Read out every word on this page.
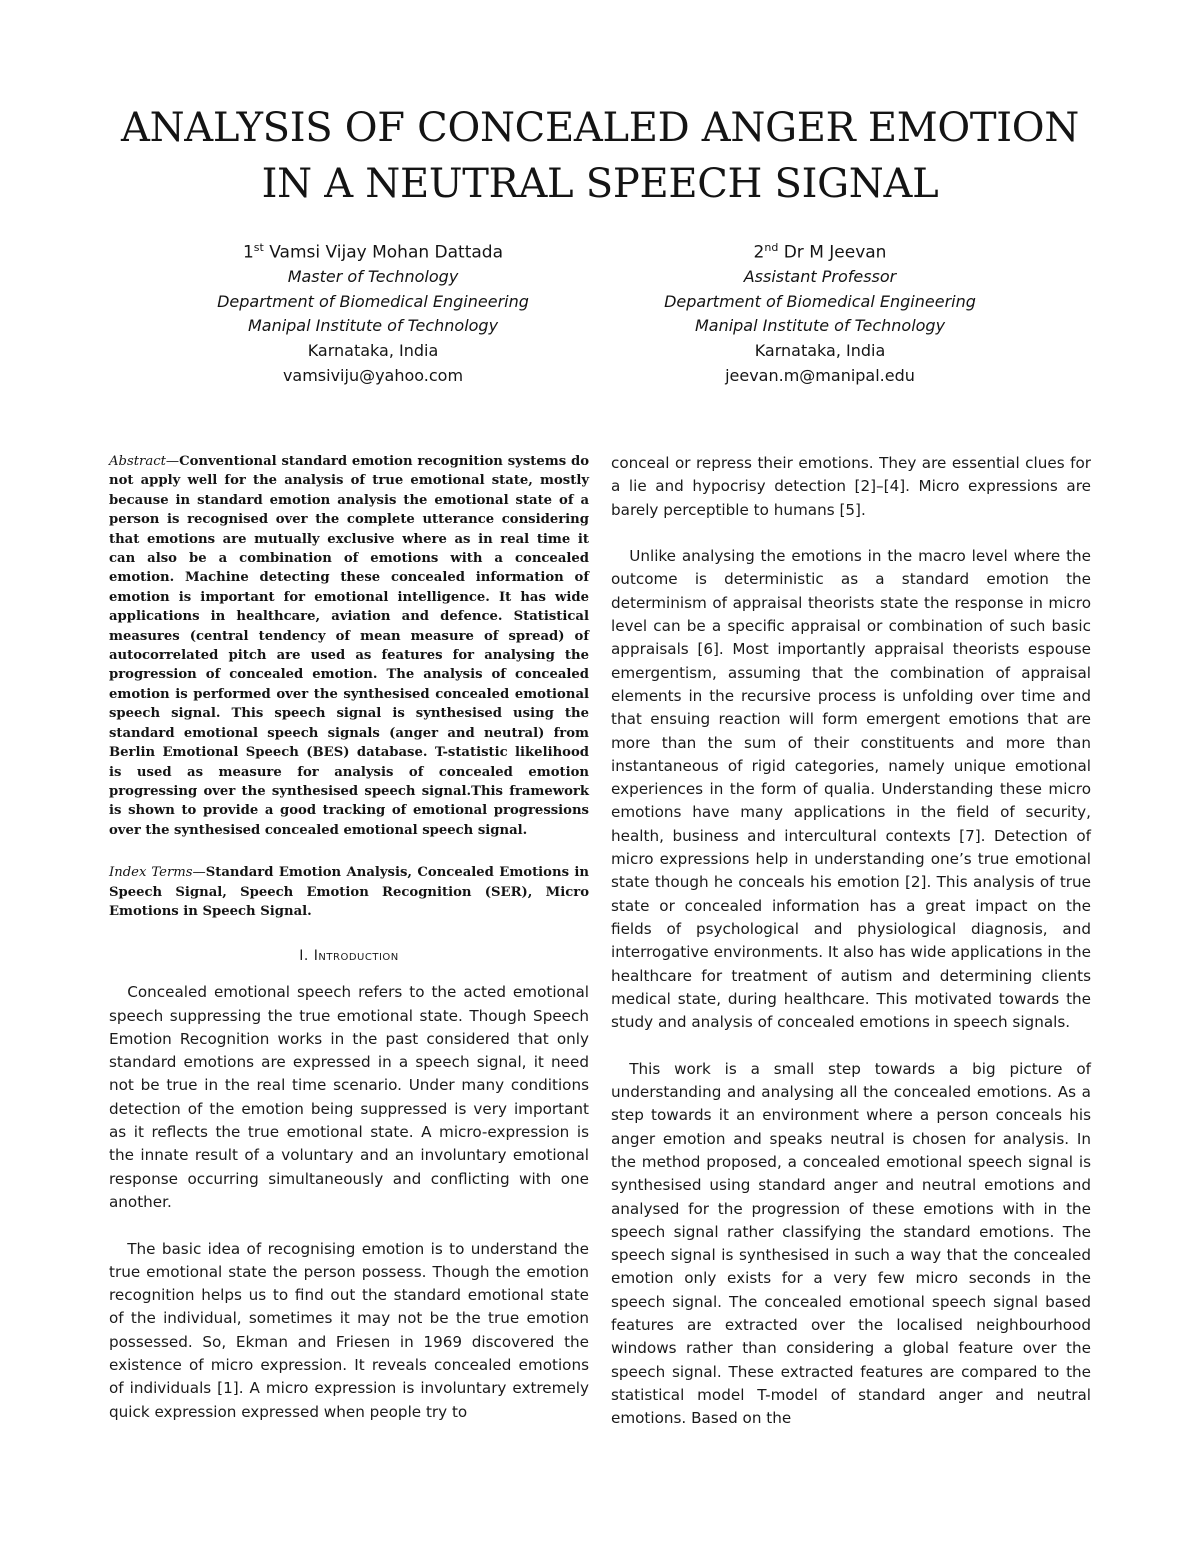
ANALYSIS OF CONCEALED ANGER EMOTION
IN A NEUTRAL SPEECH SIGNAL
1st Vamsi Vijay Mohan Dattada
Master of Technology
Department of Biomedical Engineering
Manipal Institute of Technology
Karnataka, India
vamsiviju@yahoo.com
2nd Dr M Jeevan
Assistant Professor
Department of Biomedical Engineering
Manipal Institute of Technology
Karnataka, India
jeevan.m@manipal.edu

Abstract—Conventional standard emotion recognition systems do not apply well for the analysis of true emotional state, mostly because in standard emotion analysis the emotional state of a person is recognised over the complete utterance considering that emotions are mutually exclusive where as in real time it can also be a combination of emotions with a concealed emotion. Machine detecting these concealed information of emotion is important for emotional intelligence. It has wide applications in healthcare, aviation and defence. Statistical measures (central tendency of mean measure of spread) of autocorrelated pitch are used as features for analysing the progression of concealed emotion. The analysis of concealed emotion is performed over the synthesised concealed emotional speech signal. This speech signal is synthesised using the standard emotional speech signals (anger and neutral) from Berlin Emotional Speech (BES) database. T-statistic likelihood is used as measure for analysis of concealed emotion progressing over the synthesised speech signal.This framework is shown to provide a good tracking of emotional progressions over the synthesised concealed emotional speech signal.

Index Terms—Standard Emotion Analysis, Concealed Emotions in Speech Signal, Speech Emotion Recognition (SER), Micro Emotions in Speech Signal.

I. Introduction

Concealed emotional speech refers to the acted emotional speech suppressing the true emotional state. Though Speech Emotion Recognition works in the past considered that only standard emotions are expressed in a speech signal, it need not be true in the real time scenario. Under many conditions detection of the emotion being suppressed is very important as it reflects the true emotional state. A micro-expression is the innate result of a voluntary and an involuntary emotional response occurring simultaneously and conflicting with one another.

The basic idea of recognising emotion is to understand the true emotional state the person possess. Though the emotion recognition helps us to find out the standard emotional state of the individual, sometimes it may not be the true emotion possessed. So, Ekman and Friesen in 1969 discovered the existence of micro expression. It reveals concealed emotions of individuals [1]. A micro expression is involuntary extremely quick expression expressed when people try to

conceal or repress their emotions. They are essential clues for a lie and hypocrisy detection [2]–[4]. Micro expressions are barely perceptible to humans [5].

Unlike analysing the emotions in the macro level where the outcome is deterministic as a standard emotion the determinism of appraisal theorists state the response in micro level can be a specific appraisal or combination of such basic appraisals [6]. Most importantly appraisal theorists espouse emergentism, assuming that the combination of appraisal elements in the recursive process is unfolding over time and that ensuing reaction will form emergent emotions that are more than the sum of their constituents and more than instantaneous of rigid categories, namely unique emotional experiences in the form of qualia. Understanding these micro emotions have many applications in the field of security, health, business and intercultural contexts [7]. Detection of micro expressions help in understanding one’s true emotional state though he conceals his emotion [2]. This analysis of true state or concealed information has a great impact on the fields of psychological and physiological diagnosis, and interrogative environments. It also has wide applications in the healthcare for treatment of autism and determining clients medical state, during healthcare. This motivated towards the study and analysis of concealed emotions in speech signals.

This work is a small step towards a big picture of understanding and analysing all the concealed emotions. As a step towards it an environment where a person conceals his anger emotion and speaks neutral is chosen for analysis. In the method proposed, a concealed emotional speech signal is synthesised using standard anger and neutral emotions and analysed for the progression of these emotions with in the speech signal rather classifying the standard emotions. The speech signal is synthesised in such a way that the concealed emotion only exists for a very few micro seconds in the speech signal. The concealed emotional speech signal based features are extracted over the localised neighbourhood windows rather than considering a global feature over the speech signal. These extracted features are compared to the statistical model T-model of standard anger and neutral emotions. Based on the
